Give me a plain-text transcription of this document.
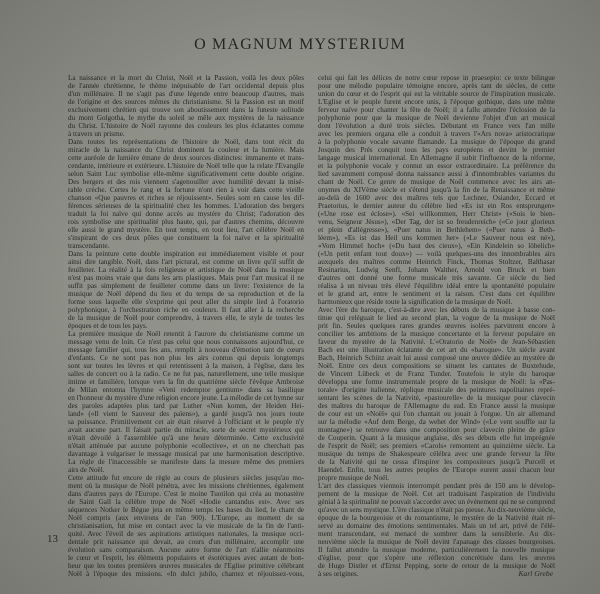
O MAGNUM MYSTERIUM
La naissance et la mort du Christ, Noël et la Passion, voilà les deux pôles
de l'année chrétienne, le thème inépuisable de l'art occidental depuis plus
d'un millénaire. Il ne s'agit pas d'une légende entre beaucoup d'autres, mais
de l'origine et des sources mêmes du christianisme. Si la Passion est un motif
exclusivement chrétien qui trouve son aboutissement dans la funeste solitude
du mont Golgotha, le mythe du soleil se mêle aux mystères de la naissance
du Christ. L'histoire de Noël rayonne des couleurs les plus éclatantes comme
à travers un prisme.
Dans toutes les représentations de l'histoire de Noël, dans tout récit du
miracle de la naissance du Christ dominent la couleur et la lumière. Mais
cette auréole de lumière émane de deux sources distinctes: immanente et trans-
cendante, intérieure et extérieure. L'histoire de Noël telle que la relate l'Evangile
selon Saint Luc symbolise elle-même significativement cette double origine.
Des bergers et des rois viennent s'agenouiller avec humilité devant la misé-
rable crèche. Certes le rang et la fortune n'ont rien à voir dans cette vieille
chanson «Que pauvres et riches se réjouissent». Seules sont en cause les dif-
férences sérieuses de la spiritualité chez les hommes. L'adoration des bergers
traduit la foi naïve qui donne accès au mystère du Christ; l'adoration des
rois symbolise une spiritualité plus haute, qui, par d'autres chemins, découvre
elle aussi le grand mystère. En tout temps, en tout lieu, l'art célèbre Noël en
s'inspirant de ces deux pôles que constituent la foi naïve et la spiritualité
transcendante.
Dans la peinture cette double inspiration est immédiatement visible et pour
ainsi dire tangible. Noël, dans l'art pictural, est comme un livre qu'il suffit de
feuilleter. La réalité à la fois religieuse et artistique de Noël dans la musique
n'est pas moins vraie que dans les arts plastiques. Mais pour l'art musical il ne
suffit pas simplement de feuilleter comme dans un livre: l'existence de la
musique de Noël dépend du lieu et du temps de sa reproduction et de la
forme sous laquelle elle s'exprime qui peut aller du simple lied à l'oratorio
polyphonique, à l'orchestration riche en couleurs. Il faut aller à la recherche
de la musique de Noël pour comprendre, à travers elle, le style de toutes les
époques et de tous les pays.
La première musique de Noël retentit à l'aurore du christianisme comme un
message venu de loin. Ce n'est pas celui que nous connaissons aujourd'hui, ce
message familier qui, tous les ans, remplit à nouveau d'émotion tant de cœurs
d'enfants. Ce ne sont pas non plus les airs connus qui depuis longtemps
sont sur toutes les lèvres et qui retentissent à la maison, à l'église, dans les
salles de concert ou à la radio. Ce ne fut pas, naturellement, une telle musique
intime et familière, lorsque vers la fin du quatrième siècle l'évêque Ambroise
de Milan entonna l'hymne «Veni redemptor gentium» dans sa basilique
en l'honneur du mystère d'une religion encore jeune. La mélodie de cet hymne sur
des paroles adaptées plus tard par Luther «Nun komm, der Heiden Hei-
land» («Il vient le Sauveur des païens»), a gardé jusqu'à nos jours toute
sa puissance. Primitivement cet air était réservé à l'officiant et le peuple n'y
avait aucune part. Il faisait partie du miracle, sorte de secret mystérieux qui
n'était dévoilé à l'assemblée qu'à une heure déterminée. Cette exclusivité
n'était atténuée par aucune polyphonie «collective», et on ne cherchait pas
davantage à vulgariser le message musical par une harmonisation descriptive.
La règle de l'inaccessible se manifeste dans la mesure même des premiers
airs de Noël.
Cette attitude fut encore de règle au cours de plusieurs siècles jusqu'au mo-
ment où la musique de Noël pénétra, avec les missions chrétiennes, également
dans d'autres pays de l'Europe. C'est le moine Tuotilon qui créa au monastère
de Saint Gall la célèbre trope de Noël «Hodie cantandus est». Avec ses
séquences Notker le Bègue jeta en même temps les bases du lied, le chant de
Noël compris (aux environs de l'an 900). L'Europe, au moment de sa
christianisation, fut mise en contact avec la vie musicale de la fin de l'anti-
quité. Avec l'éveil de ses aspirations artistiques nationales, la musique occi-
dentale prit naissance qui devait, au cours d'un millénaire, accomplir une
évolution sans comparaison. Aucune autre forme de l'art n'allie néanmoins
le cœur et l'esprit, les éléments populaires et ésotériques avec autant de bon-
heur que les toutes premières œuvres musicales de l'Eglise primitive célébrant
Noël à l'époque des missions. «In dulci jubilo, chantez et réjouissez-vous,
celui qui fait les délices de notre cœur repose in praesepio: ce texte bilingue
pour une mélodie populaire témoigne encore, après tant de siècles, de cette
union du cœur et de l'esprit qui est la véritable source de l'inspiration musicale.
L'Eglise et le peuple furent encore unis, à l'époque gothique, dans une même
ferveur naïve pour chanter la fête de Noël; il a fallu attendre l'éclosion de la
polyphonie pour que la musique de Noël devienne l'objet d'un art musical
dont l'évolution a duré trois siècles. Débutant en France vers l'an mille
avec les premiers organa elle a conduit à travers l'«Ars nova» aristocratique
à la polyphonie vocale savante flamande. La musique de l'époque du grand
Josquin des Prés conquit tous les pays européens et devint le premier
langage musical international. En Allemagne il subit l'influence de la réforme,
et la polyphonie vocale y connut un essor extraordinaire. La préférence du
lied savamment composé donna naissance aussi à d'innombrables variantes du
chant de Noël. Ce genre de musique de Noël commence avec les airs an-
onymes du XIVème siècle et s'étend jusqu'à la fin de la Renaissance et même
au-delà de 1600 avec des maîtres tels que Lechner, Osiander, Eccard et
Praetorius, le dernier auteur du célèbre lied «Es ist ein Ros entsprungen»
(«Une rose est éclose»). «Sei willkommen, Herr Christ» («Sois le bien-
venu, Seigneur Jésus»), «Der Tag, der ist so freudenreich» («Ce jour glorieux
et plein d'allégresse»), «Puer natus in Bethlehem» («Puer natus à Beth-
léem»), «Es ist das Heil uns kommen her» («Le Sauveur nous est né»),
«Vom Himmel hoch» («Du haut des cieux»), «Ein Kindelein so löbelich»
(«Un petit enfant tout doux») — voilà quelques-uns des innombrables airs
auxquels des maîtres comme Heinrich Finck, Thomas Stoltzer, Balthasar
Resinarius, Ludwig Senfl, Johann Walther, Arnold von Bruck et bien
d'autres ont donné une forme musicale très savante. Ce siècle du lied
réalisa à un niveau très élevé l'équilibre idéal entre la spontanéité populaire
et le grand art, entre le sentiment et la raison. C'est dans cet équilibre
harmonieux que réside toute la signification de la musique de Noël.
Avec l'ère du baroque, c'est-à-dire avec les débuts de la musique à basse con-
tinue qui reléguait le lied au second plan, la vogue de la musique de Noël
prit fin. Seules quelques rares grandes œuvres isolées parvinrent encore à
concilier les ambitions de la musique concertante et la ferveur populaire en
faveur du mystère de la Nativité. L'«Oratorio de Noël» de Jean-Sébastien
Bach est une illustration éclatante de cet art du «baroque». Un siècle avant
Bach, Heinrich Schütz avait lui aussi composé une œuvre dédiée au mystère de
Noël. Entre ces deux compositions se situent les cantates de Buxtehude,
de Vincent Lübeck et de Franz Tunder. Toutefois le style du baroque
développa une forme instrumentale propre de la musique de Noël: la «Pas-
torale» d'origine italienne, réplique musicale des peintures napolitaines repré-
sentant les scènes de la Nativité, «pastourelle» de la musique pour clavecin
des maîtres du baroque de l'Allemagne du sud. En France aussi la musique
de cour est un «Noël» qui l'on chantait ou jouait à l'orgue. Un air allemand
sur la mélodie «Auf dem Berge, da wehet der Wind» («Le vent souffle sur la
montagne») se retrouve dans une composition pour clavecin pleine de grâce
de Couperin. Quant à la musique anglaise, dès ses débuts elle fut imprégnée
de l'esprit de Noël; ses premiers «Carols» remontent au quinzième siècle. La
musique du temps de Shakespeare célébra avec une grande ferveur la fête
de la Nativité qui ne cessa d'inspirer les compositeurs jusqu'à Purcell et
Haendel. Enfin, tous les autres peuples de l'Europe eurent aussi chacun leur
propre musique de Noël.
L'art des classiques viennois interrompit pendant près de 150 ans le dévelop-
pement de la musique de Noël. Cet art traduisant l'aspiration de l'individu
génial à la spiritualité ne pouvait s'accorder avec un événement qui ne se comprend
qu'avec un sens mystique. L'ère classique n'était pas pieuse. Au dix-neuvième siècle,
époque de la bourgeoisie et du romantisme, le mystère de la Nativité était ré-
servé au domaine des émotions sentimentales. Mais un tel art, privé de l'élé-
ment transcendant, est menacé de sombrer dans la sensiblerie. Au dix-
neuvième siècle la musique de Noël devint l'apanage des classes bourgeoises.
Il fallut attendre la musique moderne, particulièrement la nouvelle musique
d'église, pour que s'opère une réflexion concrétisée dans les œuvres
de Hugo Distler et d'Ernst Pepping, sorte de retour de la musique de Noël
à ses origines.	Karl Grebe
13
